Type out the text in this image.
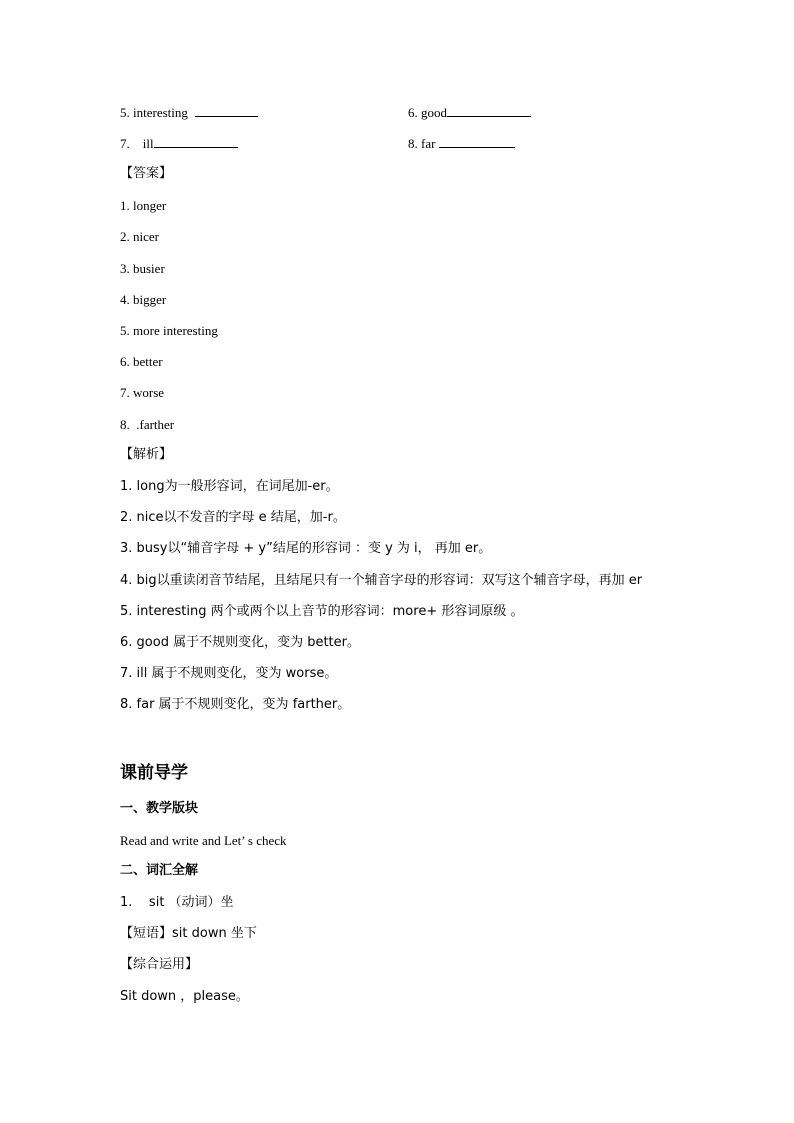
5. interesting	6. good
7.    ill	8. far
【答案】
1. longer
2. nicer
3. busier
4. bigger
5. more interesting
6. better
7. worse
8.  .farther
【解析】
1. long为一般形容词，在词尾加-er。
2. nice以不发音的字母 e 结尾，加-r。
3. busy以“辅音字母 + y”结尾的形容词 ：变 y 为 i， 再加 er。
4. big以重读闭音节结尾，且结尾只有一个辅音字母的形容词：双写这个辅音字母，再加 er
5. interesting 两个或两个以上音节的形容词：more+ 形容词原级 。
6. good 属于不规则变化，变为 better。
7. ill 属于不规则变化，变为 worse。
8. far 属于不规则变化，变为 farther。
课前导学
一、教学版块
Read and write and Let’ s check
二、词汇全解
1.    sit （动词）坐
【短语】sit down 坐下
【综合运用】
Sit down ，please。
